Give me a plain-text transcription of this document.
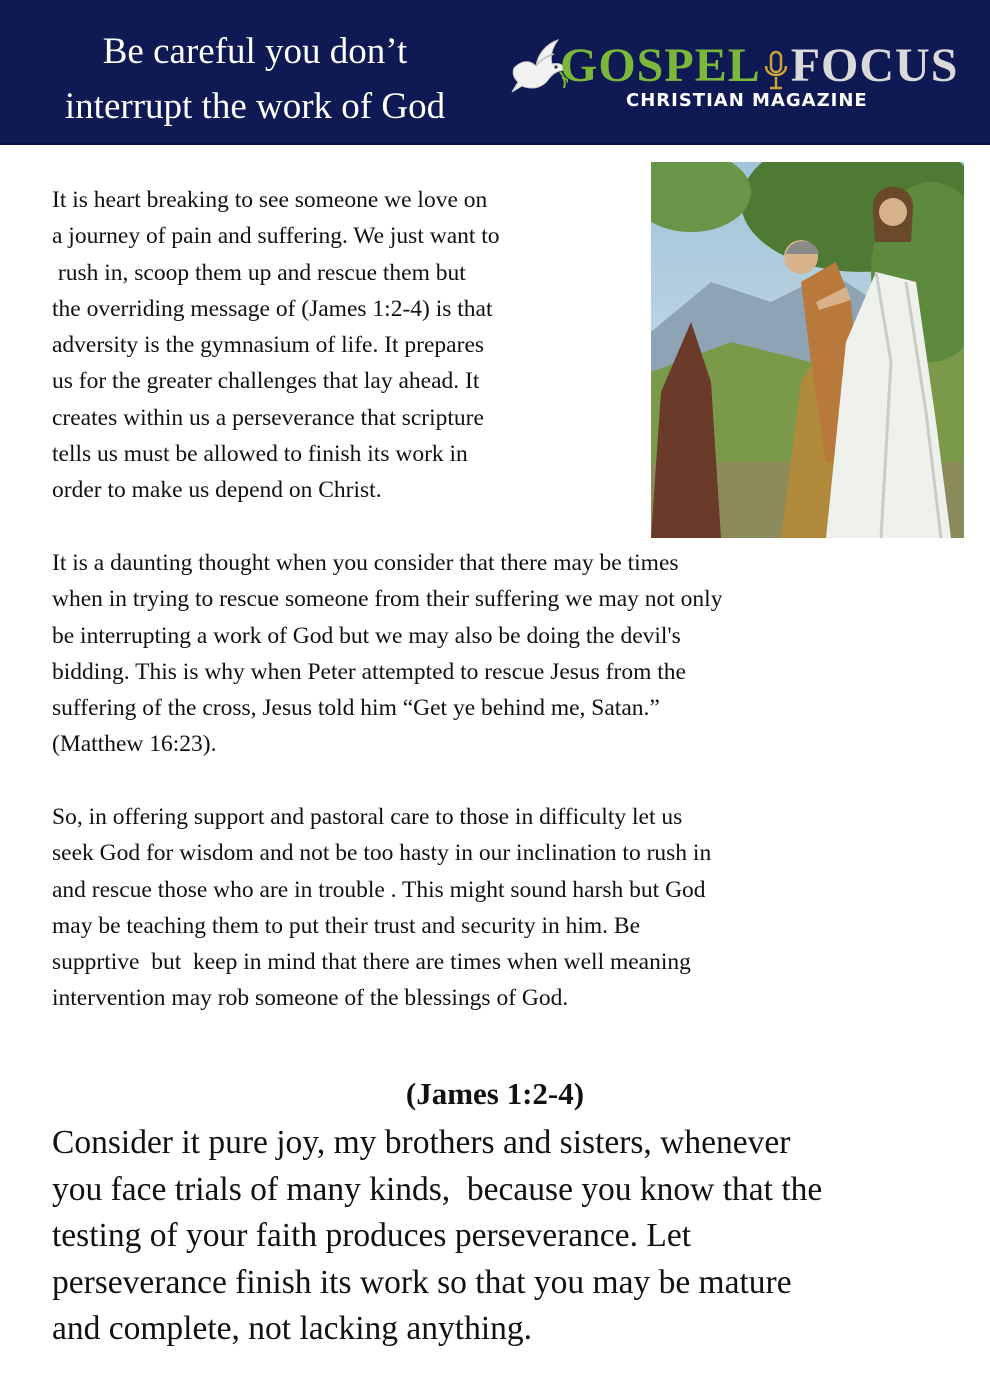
Be careful you don’t
interrupt the work of God
GOSPEL FOCUS
CHRISTIAN MAGAZINE
It is heart breaking to see someone we love on
a journey of pain and suffering. We just want to
rush in, scoop them up and rescue them but
the overriding message of (James 1:2-4) is that
adversity is the gymnasium of life. It prepares
us for the greater challenges that lay ahead. It
creates within us a perseverance that scripture
tells us must be allowed to finish its work in
order to make us depend on Christ.
It is a daunting thought when you consider that there may be times
when in trying to rescue someone from their suffering we may not only
be interrupting a work of God but we may also be doing the devil's
bidding. This is why when Peter attempted to rescue Jesus from the
suffering of the cross, Jesus told him “Get ye behind me, Satan.”
(Matthew 16:23).
So, in offering support and pastoral care to those in difficulty let us
seek God for wisdom and not be too hasty in our inclination to rush in
and rescue those who are in trouble . This might sound harsh but God
may be teaching them to put their trust and security in him. Be
supprtive  but  keep in mind that there are times when well meaning
intervention may rob someone of the blessings of God.
(James 1:2-4)
Consider it pure joy, my brothers and sisters, whenever
you face trials of many kinds,  because you know that the
testing of your faith produces perseverance. Let
perseverance finish its work so that you may be mature
and complete, not lacking anything.
